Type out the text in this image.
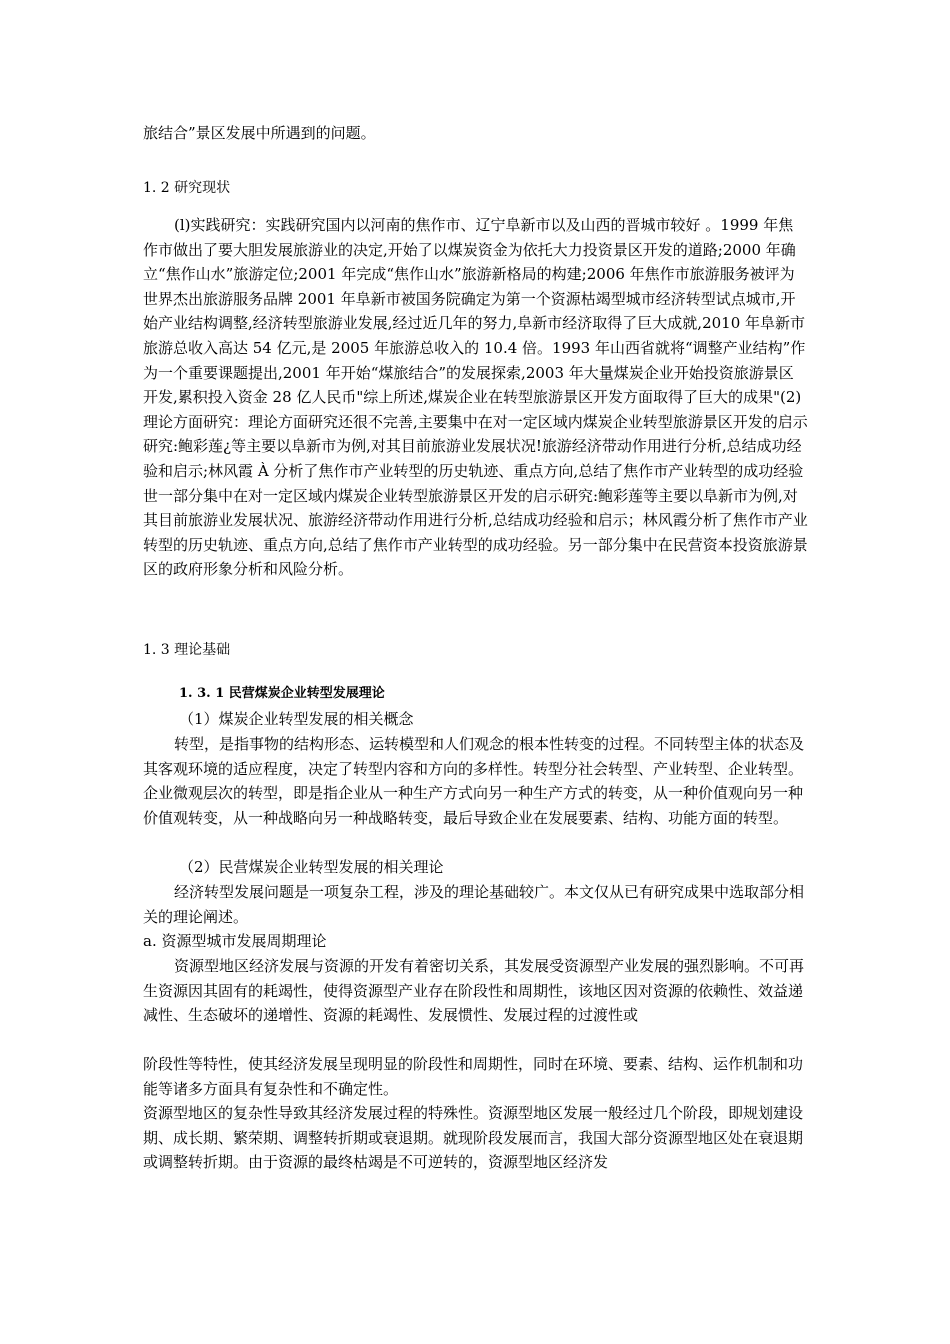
旅结合”景区发展中所遇到的问题。

1. 2 研究现状

(l)实践研究：实践研究国内以河南的焦作市、辽宁阜新市以及山西的晋城市较好 。1999 年焦作市做出了要大胆发展旅游业的决定,开始了以煤炭资金为依托大力投资景区开发的道路;2000 年确立“焦作山水”旅游定位;2001 年完成“焦作山水”旅游新格局的构建;2006 年焦作市旅游服务被评为世界杰出旅游服务品牌 2001 年阜新市被国务院确定为第一个资源枯竭型城市经济转型试点城市,开始产业结构调整,经济转型旅游业发展,经过近几年的努力,阜新市经济取得了巨大成就,2010 年阜新市旅游总收入高达 54 亿元,是 2005 年旅游总收入的 10.4 倍。1993 年山西省就将“调整产业结构”作为一个重要课题提出,2001 年开始“煤旅结合”的发展探索,2003 年大量煤炭企业开始投资旅游景区开发,累积投入资金 28 亿人民币"综上所述,煤炭企业在转型旅游景区开发方面取得了巨大的成果"(2)理论方面研究：理论方面研究还很不完善,主要集中在对一定区域内煤炭企业转型旅游景区开发的启示研究:鲍彩莲¿等主要以阜新市为例,对其目前旅游业发展状况!旅游经济带动作用进行分析,总结成功经验和启示;林风霞 À 分析了焦作市产业转型的历史轨迹、重点方向,总结了焦作市产业转型的成功经验世一部分集中在对一定区域内煤炭企业转型旅游景区开发的启示研究:鲍彩莲等主要以阜新市为例,对其目前旅游业发展状况、旅游经济带动作用进行分析,总结成功经验和启示；林风霞分析了焦作市产业转型的历史轨迹、重点方向,总结了焦作市产业转型的成功经验。另一部分集中在民营资本投资旅游景区的政府形象分析和风险分析。

1. 3 理论基础

1. 3. 1 民营煤炭企业转型发展理论

（1）煤炭企业转型发展的相关概念

转型，是指事物的结构形态、运转模型和人们观念的根本性转变的过程。不同转型主体的状态及其客观环境的适应程度，决定了转型内容和方向的多样性。转型分社会转型、产业转型、企业转型。企业微观层次的转型，即是指企业从一种生产方式向另一种生产方式的转变，从一种价值观向另一种价值观转变，从一种战略向另一种战略转变，最后导致企业在发展要素、结构、功能方面的转型。

（2）民营煤炭企业转型发展的相关理论

经济转型发展问题是一项复杂工程，涉及的理论基础较广。本文仅从已有研究成果中选取部分相关的理论阐述。

a. 资源型城市发展周期理论

资源型地区经济发展与资源的开发有着密切关系，其发展受资源型产业发展的强烈影响。不可再生资源因其固有的耗竭性，使得资源型产业存在阶段性和周期性，该地区因对资源的依赖性、效益递减性、生态破坏的递增性、资源的耗竭性、发展惯性、发展过程的过渡性或

阶段性等特性，使其经济发展呈现明显的阶段性和周期性，同时在环境、要素、结构、运作机制和功能等诸多方面具有复杂性和不确定性。

资源型地区的复杂性导致其经济发展过程的特殊性。资源型地区发展一般经过几个阶段，即规划建设期、成长期、繁荣期、调整转折期或衰退期。就现阶段发展而言，我国大部分资源型地区处在衰退期或调整转折期。由于资源的最终枯竭是不可逆转的，资源型地区经济发
